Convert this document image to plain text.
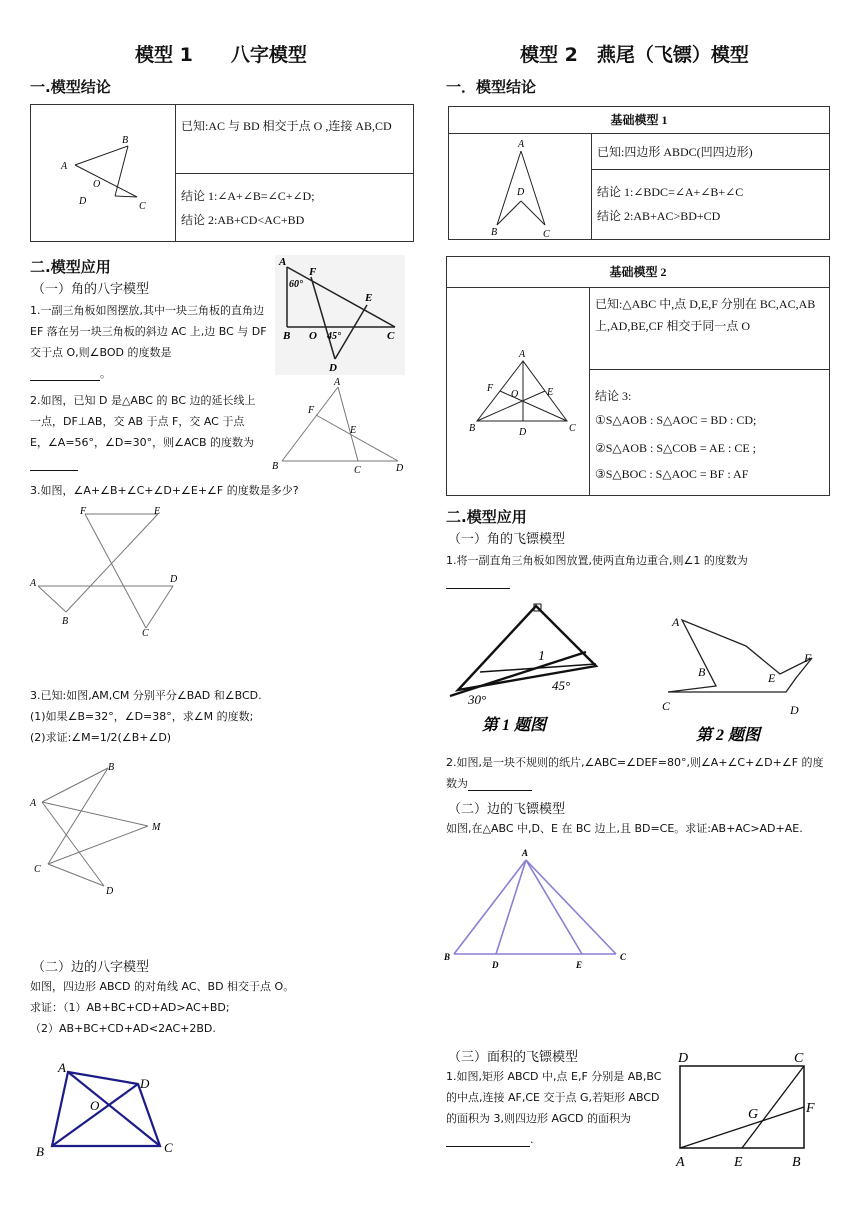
模型 1　　八字模型
一.模型结论
B
A
O
D	C
已知:AC 与 BD 相交于点 O ,连接 AB,CD
结论 1:∠A+∠B=∠C+∠D;
结论 2:AB+CD<AC+BD
二.模型应用
（一）角的八字模型
1.一副三角板如图摆放,其中一块三角板的直角边 EF 落在另一块三角板的斜边 AC 上,边 BC 与 DF 交于点 O,则∠BOD 的度数是
。
A
F
60°
E
B O 45°	C
D
2.如图，已知 D 是△ABC 的 BC 边的延长线上一点，DF⊥AB，交 AB 于点 F，交 AC 于点 E，∠A=56°，∠D=30°，则∠ACB 的度数为
A
F
E
B	C	D
3.如图，∠A+∠B+∠C+∠D+∠E+∠F 的度数是多少?
F	E
A	D
B
C
3.已知:如图,AM,CM 分别平分∠BAD 和∠BCD.
(1)如果∠B=32°，∠D=38°，求∠M 的度数;
(2)求证:∠M=1/2(∠B+∠D)
B
A
M
C
D
（二）边的八字模型
如图，四边形 ABCD 的对角线 AC、BD 相交于点 O。
求证：（1）AB+BC+CD+AD>AC+BD;
（2）AB+BC+CD+AD<2AC+2BD.
A
D
O
B	C
模型 2　燕尾（飞镖）模型
一．模型结论
基础模型 1
A
D
B	C
已知:四边形 ABDC(凹四边形)
结论 1:∠BDC=∠A+∠B+∠C
结论 2:AB+AC>BD+CD
基础模型 2
A
F
O	E
B	D	C
已知:△ABC 中,点 D,E,F 分别在 BC,AC,AB 上,AD,BE,CF 相交于同一点 O
结论 3:
①S△AOB : S△AOC = BD : CD;
②S△AOB : S△COB = AE : CE ;
③S△BOC : S△AOC = BF : AF
二.模型应用
（一）角的飞镖模型
1.将一副直角三角板如图放置,使两直角边重合,则∠1 的度数为
1
30°
45°
第 1 题图
A
B	E
F
C	D
第 2 题图
2.如图,是一块不规则的纸片,∠ABC=∠DEF=80°,则∠A+∠C+∠D+∠F 的度数为
（二）边的飞镖模型
如图,在△ABC 中,D、E 在 BC 边上,且 BD=CE。求证:AB+AC>AD+AE.
A
B
D	E
C
（三）面积的飞镖模型
1.如图,矩形 ABCD 中,点 E,F 分别是 AB,BC 的中点,连接 AF,CE 交于点 G,若矩形 ABCD 的面积为 3,则四边形 AGCD 的面积为.
D	C
F
G
A	E	B
